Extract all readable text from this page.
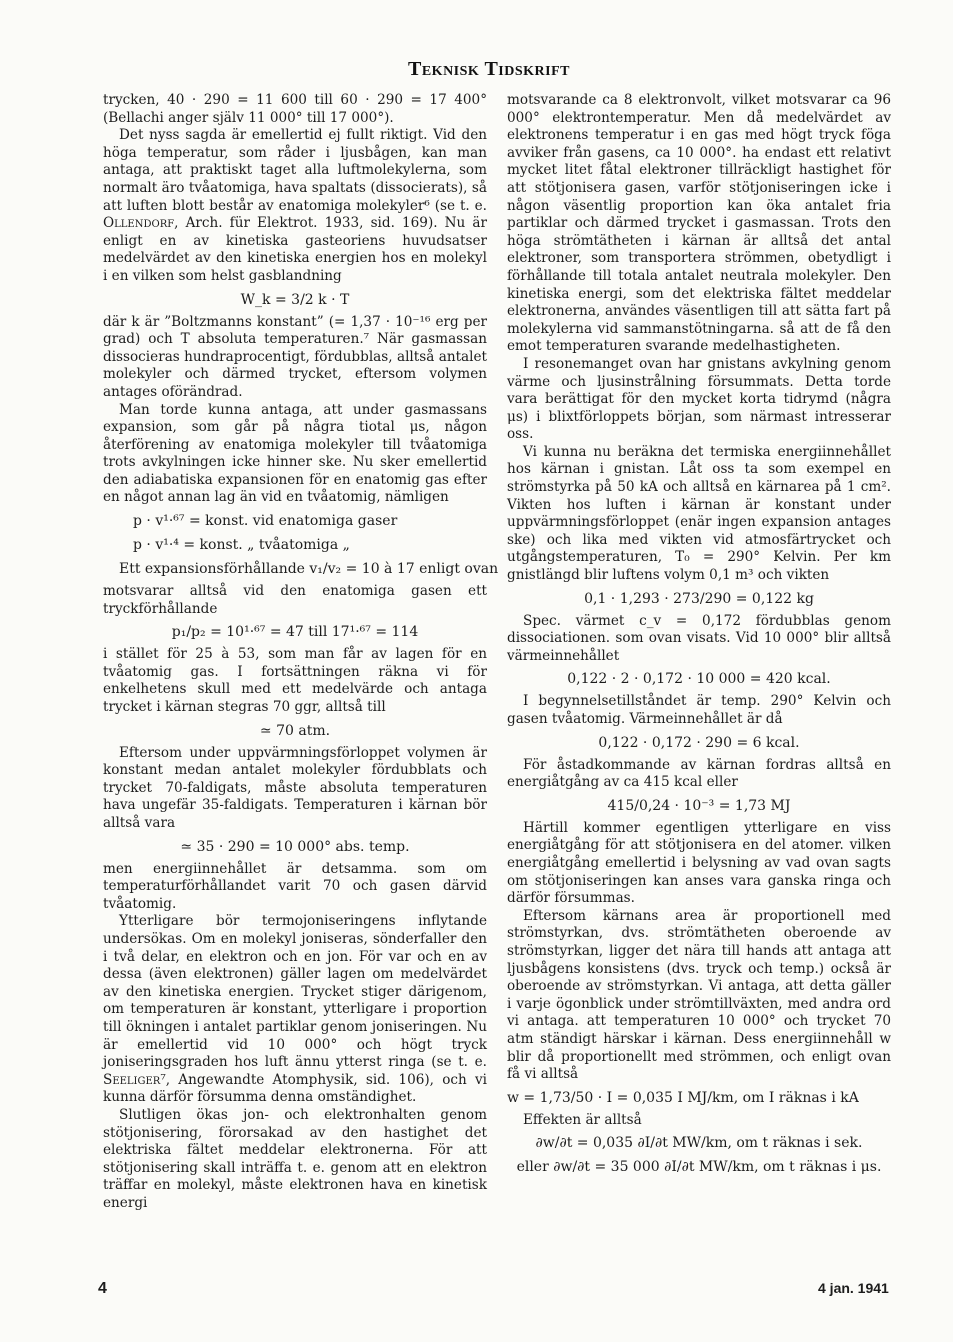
Teknisk Tidskrift

trycken, 40 · 290 = 11 600 till 60 · 290 = 17 400° (Bellachi anger själv 11 000° till 17 000°).

Det nyss sagda är emellertid ej fullt riktigt. Vid den höga temperatur, som råder i ljusbågen, kan man antaga, att praktiskt taget alla luftmolekylerna, som normalt äro tvåatomiga, hava spaltats (dissocierats), så att luften blott består av enatomiga molekyler⁶ (se t. e. Ollendorf, Arch. für Elektrot. 1933, sid. 169). Nu är enligt en av kinetiska gasteoriens huvudsatser medelvärdet av den kinetiska energien hos en molekyl i en vilken som helst gasblandning

W_k = 3/2 k · T

där k är ”Boltzmanns konstant” (= 1,37 · 10⁻¹⁶ erg per grad) och T absoluta temperaturen.⁷ När gasmassan dissocieras hundraprocentigt, fördubblas, alltså antalet molekyler och därmed trycket, eftersom volymen antages oförändrad.

Man torde kunna antaga, att under gasmassans expansion, som går på några tiotal μs, någon återförening av enatomiga molekyler till tvåatomiga trots avkylningen icke hinner ske. Nu sker emellertid den adiabatiska expansionen för en enatomig gas efter en något annan lag än vid en tvåatomig, nämligen

p · v¹·⁶⁷ = konst. vid enatomiga gaser
p · v¹·⁴ = konst. „ tvåatomiga „
Ett expansionsförhållande v₁/v₂ = 10 à 17 enligt ovan

motsvarar alltså vid den enatomiga gasen ett tryckförhållande

p₁/p₂ = 10¹·⁶⁷ = 47 till 17¹·⁶⁷ = 114

i stället för 25 à 53, som man får av lagen för en tvåatomig gas. I fortsättningen räkna vi för enkelhetens skull med ett medelvärde och antaga trycket i kärnan stegras 70 ggr, alltså till

≃ 70 atm.

Eftersom under uppvärmningsförloppet volymen är konstant medan antalet molekyler fördubblats och trycket 70-faldigats, måste absoluta temperaturen hava ungefär 35-faldigats. Temperaturen i kärnan bör alltså vara

≃ 35 · 290 = 10 000° abs. temp.

men energiinnehållet är detsamma. som om temperaturförhållandet varit 70 och gasen därvid tvåatomig.

Ytterligare bör termojoniseringens inflytande undersökas. Om en molekyl joniseras, sönderfaller den i två delar, en elektron och en jon. För var och en av dessa (även elektronen) gäller lagen om medelvärdet av den kinetiska energien. Trycket stiger därigenom, om temperaturen är konstant, ytterligare i proportion till ökningen i antalet partiklar genom joniseringen. Nu är emellertid vid 10 000° och högt tryck joniseringsgraden hos luft ännu ytterst ringa (se t. e. Seeliger⁷, Angewandte Atomphysik, sid. 106), och vi kunna därför försumma denna omständighet.

Slutligen ökas jon- och elektronhalten genom stötjonisering, förorsakad av den hastighet det elektriska fältet meddelar elektronerna. För att stötjonisering skall inträffa t. e. genom att en elektron träffar en molekyl, måste elektronen hava en kinetisk energi

motsvarande ca 8 elektronvolt, vilket motsvarar ca 96 000° elektrontemperatur. Men då medelvärdet av elektronens temperatur i en gas med högt tryck föga avviker från gasens, ca 10 000°. ha endast ett relativt mycket litet fåtal elektroner tillräckligt hastighet för att stötjonisera gasen, varför stötjoniseringen icke i någon väsentlig proportion kan öka antalet fria partiklar och därmed trycket i gasmassan. Trots den höga strömtätheten i kärnan är alltså det antal elektroner, som transportera strömmen, obetydligt i förhållande till totala antalet neutrala molekyler. Den kinetiska energi, som det elektriska fältet meddelar elektronerna, användes väsentligen till att sätta fart på molekylerna vid sammanstötningarna. så att de få den emot temperaturen svarande medelhastigheten.

I resonemanget ovan har gnistans avkylning genom värme och ljusinstrålning försummats. Detta torde vara berättigat för den mycket korta tidrymd (några μs) i blixtförloppets början, som närmast intresserar oss.

Vi kunna nu beräkna det termiska energiinnehållet hos kärnan i gnistan. Låt oss ta som exempel en strömstyrka på 50 kA och alltså en kärnarea på 1 cm². Vikten hos luften i kärnan är konstant under uppvärmningsförloppet (enär ingen expansion antages ske) och lika med vikten vid atmosfärtrycket och utgångstemperaturen, T₀ = 290° Kelvin. Per km gnistlängd blir luftens volym 0,1 m³ och vikten

0,1 · 1,293 · 273/290 = 0,122 kg

Spec. värmet c_v = 0,172 fördubblas genom dissociationen. som ovan visats. Vid 10 000° blir alltså värmeinnehållet

0,122 · 2 · 0,172 · 10 000 = 420 kcal.

I begynnelsetillståndet är temp. 290° Kelvin och gasen tvåatomig. Värmeinnehållet är då

0,122 · 0,172 · 290 = 6 kcal.

För åstadkommande av kärnan fordras alltså en energiåtgång av ca 415 kcal eller

415/0,24 · 10⁻³ = 1,73 MJ

Härtill kommer egentligen ytterligare en viss energiåtgång för att stötjonisera en del atomer. vilken energiåtgång emellertid i belysning av vad ovan sagts om stötjoniseringen kan anses vara ganska ringa och därför försummas.

Eftersom kärnans area är proportionell med strömstyrkan, dvs. strömtätheten oberoende av strömstyrkan, ligger det nära till hands att antaga att ljusbågens konsistens (dvs. tryck och temp.) också är oberoende av strömstyrkan. Vi antaga, att detta gäller i varje ögonblick under strömtillväxten, med andra ord vi antaga. att temperaturen 10 000° och trycket 70 atm ständigt härskar i kärnan. Dess energiinnehåll w blir då proportionellt med strömmen, och enligt ovan få vi alltså

w = 1,73/50 · I = 0,035 I MJ/km, om I räknas i kA

Effekten är alltså

∂w/∂t = 0,035 ∂I/∂t MW/km, om t räknas i sek.
eller ∂w/∂t = 35 000 ∂I/∂t MW/km, om t räknas i μs.
4	4 jan. 1941
